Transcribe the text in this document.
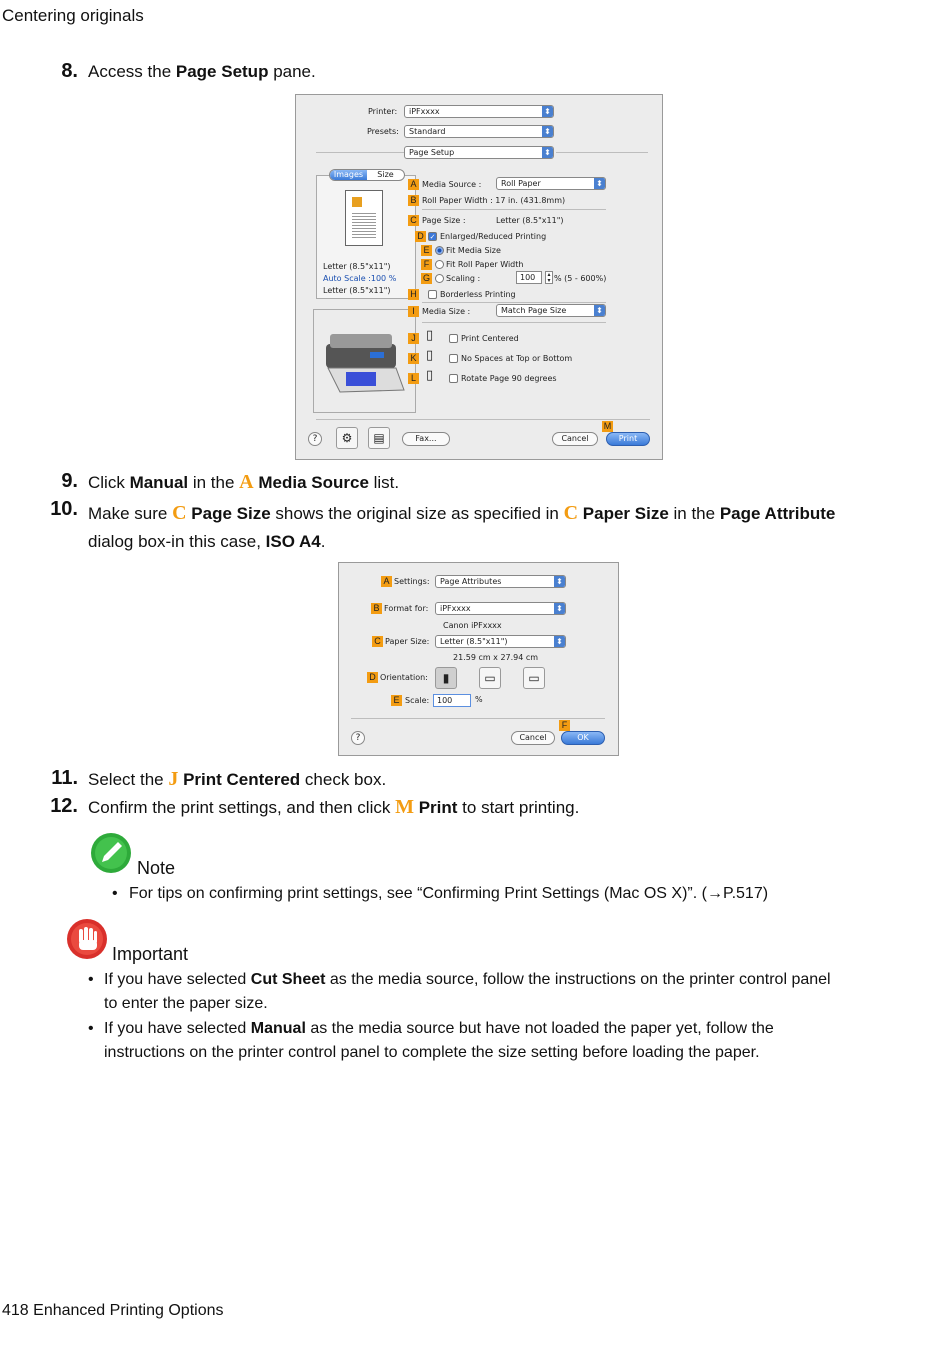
Centering originals
8. Access the Page Setup pane.
Printer:	iPFxxxx ⬍
Presets:	Standard ⬍
Page Setup ⬍
Images	Size
Letter (8.5"x11")
Auto Scale :100 %
Letter (8.5"x11")
A Media Source :	Roll Paper ⬍
B Roll Paper Width : 17 in. (431.8mm)
C Page Size :	Letter (8.5"x11")
D ✓ Enlarged/Reduced Printing
E	Fit Media Size
F	Fit Roll Paper Width
G Scaling :	100	▴
▾ % (5 - 600%)
H	Borderless Printing
I Media Size :	Match Page Size ⬍
J ▯	Print Centered
K ▯	No Spaces at Top or Bottom
L ▯	Rotate Page 90 degrees
?	⚙	▤	Fax...	Cancel
M
Print
9. Click Manual in the A Media Source list.
10. Make sure C Page Size shows the original size as specified in C Paper Size in the Page Attribute dialog box-in this case, ISO A4.
A Settings:	Page Attributes ⬍
B Format for:	iPFxxxx ⬍
Canon iPFxxxx
C Paper Size:	Letter (8.5"x11") ⬍
21.59 cm x 27.94 cm
D Orientation:	▮	▭	▭
E Scale: 100	%
?	Cancel
F
OK
11. Select the J Print Centered check box.
12. Confirm the print settings, and then click M Print to start printing.
Note
• For tips on confirming print settings, see “Confirming Print Settings (Mac OS X)”. (→P.517)
Important
• If you have selected Cut Sheet as the media source, follow the instructions on the printer control panel to enter the paper size.
• If you have selected Manual as the media source but have not loaded the paper yet, follow the instructions on the printer control panel to complete the size setting before loading the paper.
418 Enhanced Printing Options
